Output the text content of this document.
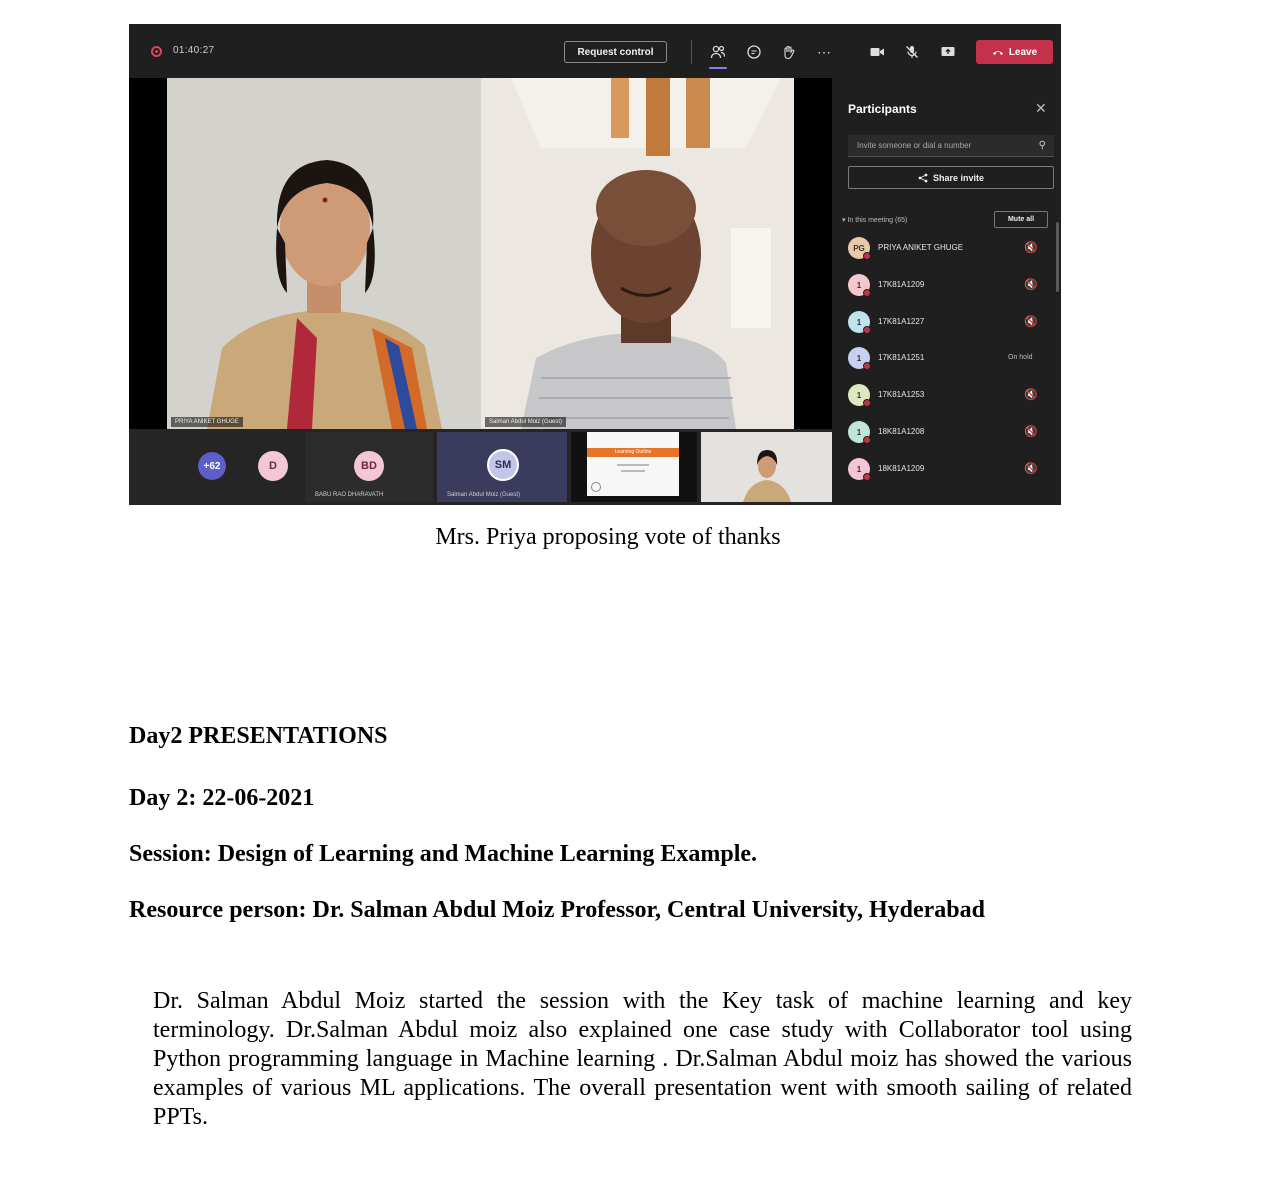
01:40:27	Request control	⋯	Leave
PRIYA ANIKET GHUGE	Salman Abdul Moiz (Guest)
+62	D	BD
BABU RAO DHARAVATH
SM
Salman Abdul Moiz (Guest)
Learning Outline
Participants	✕
Invite someone or dial a number	⚲
Share invite
▾ In this meeting (65)	Mute all
PG	PRIYA ANIKET GHUGE	🔇
1	17K81A1209	🔇
1	17K81A1227	🔇
1	17K81A1251	On hold
1	17K81A1253	🔇
1	18K81A1208	🔇
1	18K81A1209	🔇
Mrs. Priya proposing vote of thanks
Day2 PRESENTATIONS
Day 2: 22-06-2021
Session: Design of Learning and Machine Learning Example.
Resource person: Dr. Salman Abdul Moiz Professor, Central University, Hyderabad
Dr. Salman Abdul Moiz started the session with the Key task of machine learning and key terminology. Dr.Salman Abdul moiz also explained one case study with Collaborator tool using Python programming language in Machine learning . Dr.Salman Abdul moiz has showed the various examples of various ML applications. The overall presentation went with smooth sailing of related PPTs.
